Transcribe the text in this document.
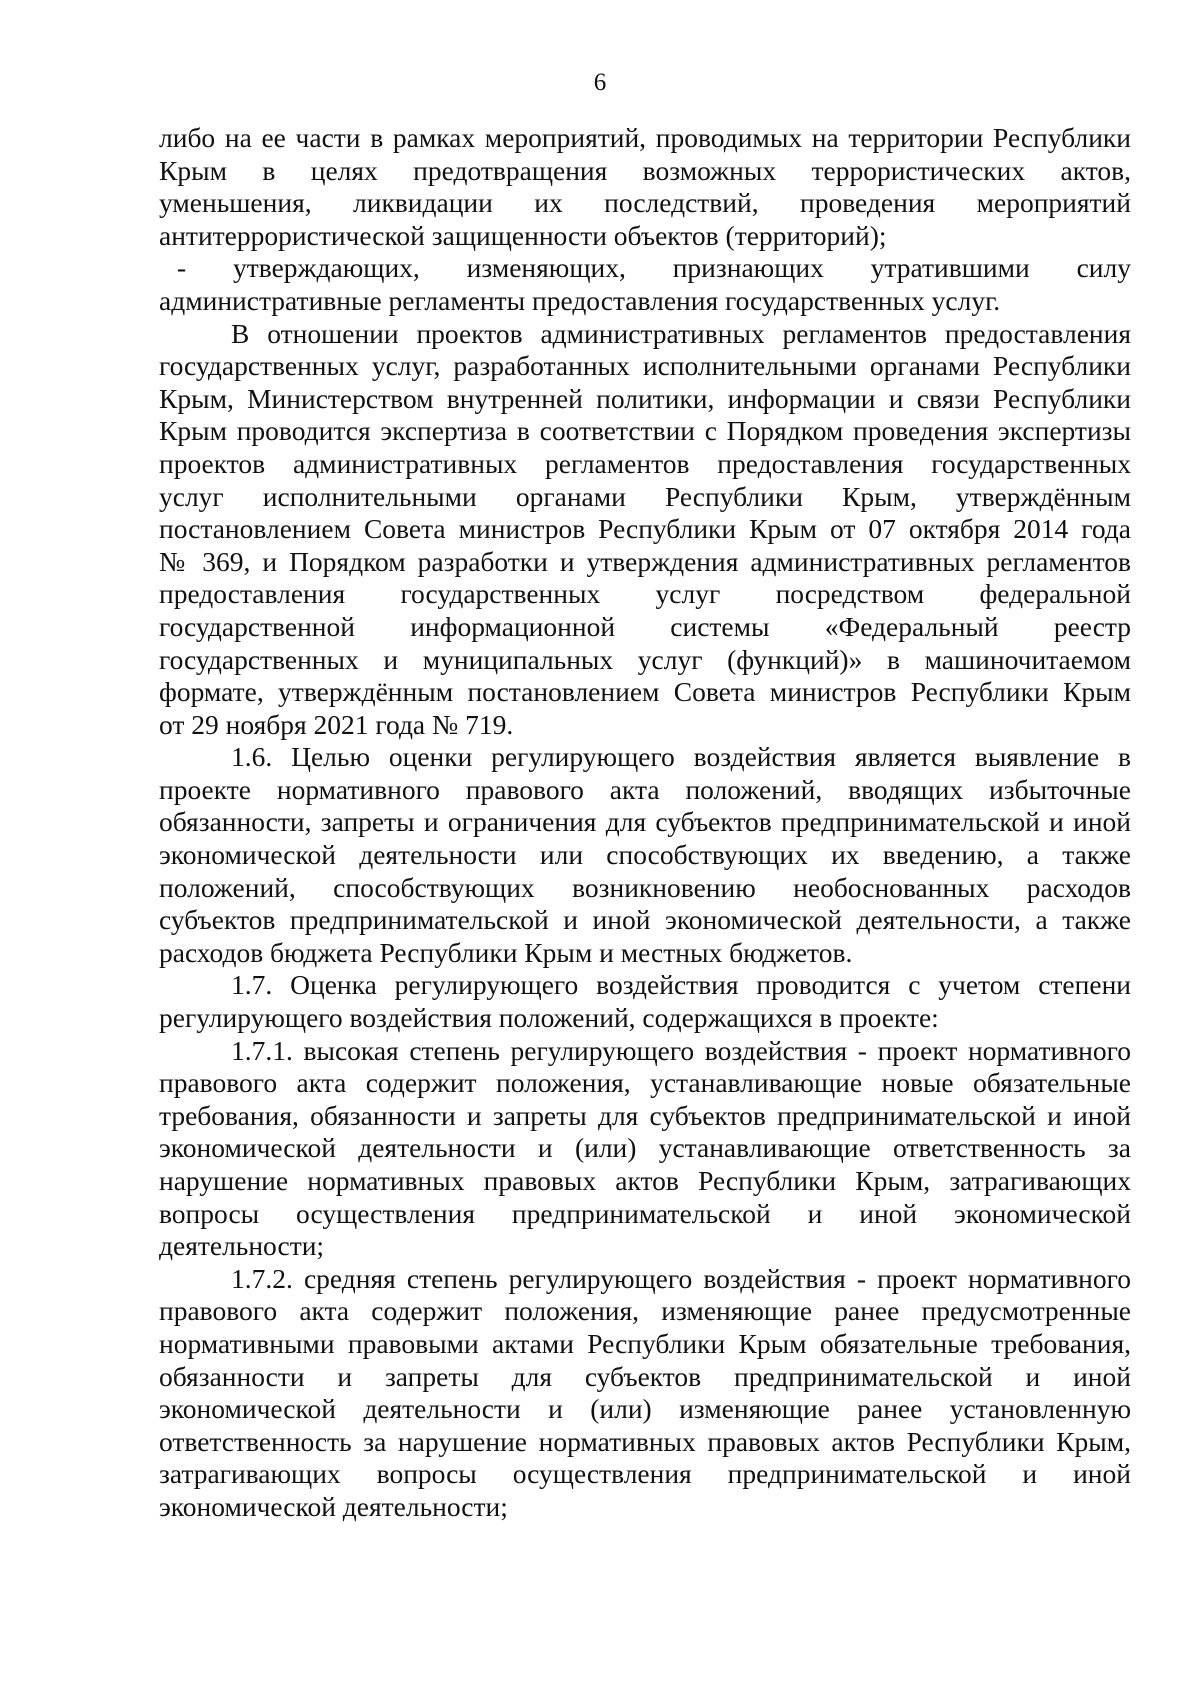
6
либо на ее части в рамках мероприятий, проводимых на территории Республики
Крым в целях предотвращения возможных террористических актов,
уменьшения, ликвидации их последствий, проведения мероприятий
антитеррористической защищенности объектов (территорий);
- утверждающих, изменяющих, признающих утратившими силу
административные регламенты предоставления государственных услуг.
В отношении проектов административных регламентов предоставления
государственных услуг, разработанных исполнительными органами Республики
Крым, Министерством внутренней политики, информации и связи Республики
Крым проводится экспертиза в соответствии с Порядком проведения экспертизы
проектов административных регламентов предоставления государственных
услуг исполнительными органами Республики Крым, утверждённым
постановлением Совета министров Республики Крым от 07 октября 2014 года
№ 369, и Порядком разработки и утверждения административных регламентов
предоставления государственных услуг посредством федеральной
государственной информационной системы «Федеральный реестр
государственных и муниципальных услуг (функций)» в машиночитаемом
формате, утверждённым постановлением Совета министров Республики Крым
от 29 ноября 2021 года № 719.
1.6. Целью оценки регулирующего воздействия является выявление в
проекте нормативного правового акта положений, вводящих избыточные
обязанности, запреты и ограничения для субъектов предпринимательской и иной
экономической деятельности или способствующих их введению, а также
положений, способствующих возникновению необоснованных расходов
субъектов предпринимательской и иной экономической деятельности, а также
расходов бюджета Республики Крым и местных бюджетов.
1.7. Оценка регулирующего воздействия проводится с учетом степени
регулирующего воздействия положений, содержащихся в проекте:
1.7.1. высокая степень регулирующего воздействия - проект нормативного
правового акта содержит положения, устанавливающие новые обязательные
требования, обязанности и запреты для субъектов предпринимательской и иной
экономической деятельности и (или) устанавливающие ответственность за
нарушение нормативных правовых актов Республики Крым, затрагивающих
вопросы осуществления предпринимательской и иной экономической
деятельности;
1.7.2. средняя степень регулирующего воздействия - проект нормативного
правового акта содержит положения, изменяющие ранее предусмотренные
нормативными правовыми актами Республики Крым обязательные требования,
обязанности и запреты для субъектов предпринимательской и иной
экономической деятельности и (или) изменяющие ранее установленную
ответственность за нарушение нормативных правовых актов Республики Крым,
затрагивающих вопросы осуществления предпринимательской и иной
экономической деятельности;
